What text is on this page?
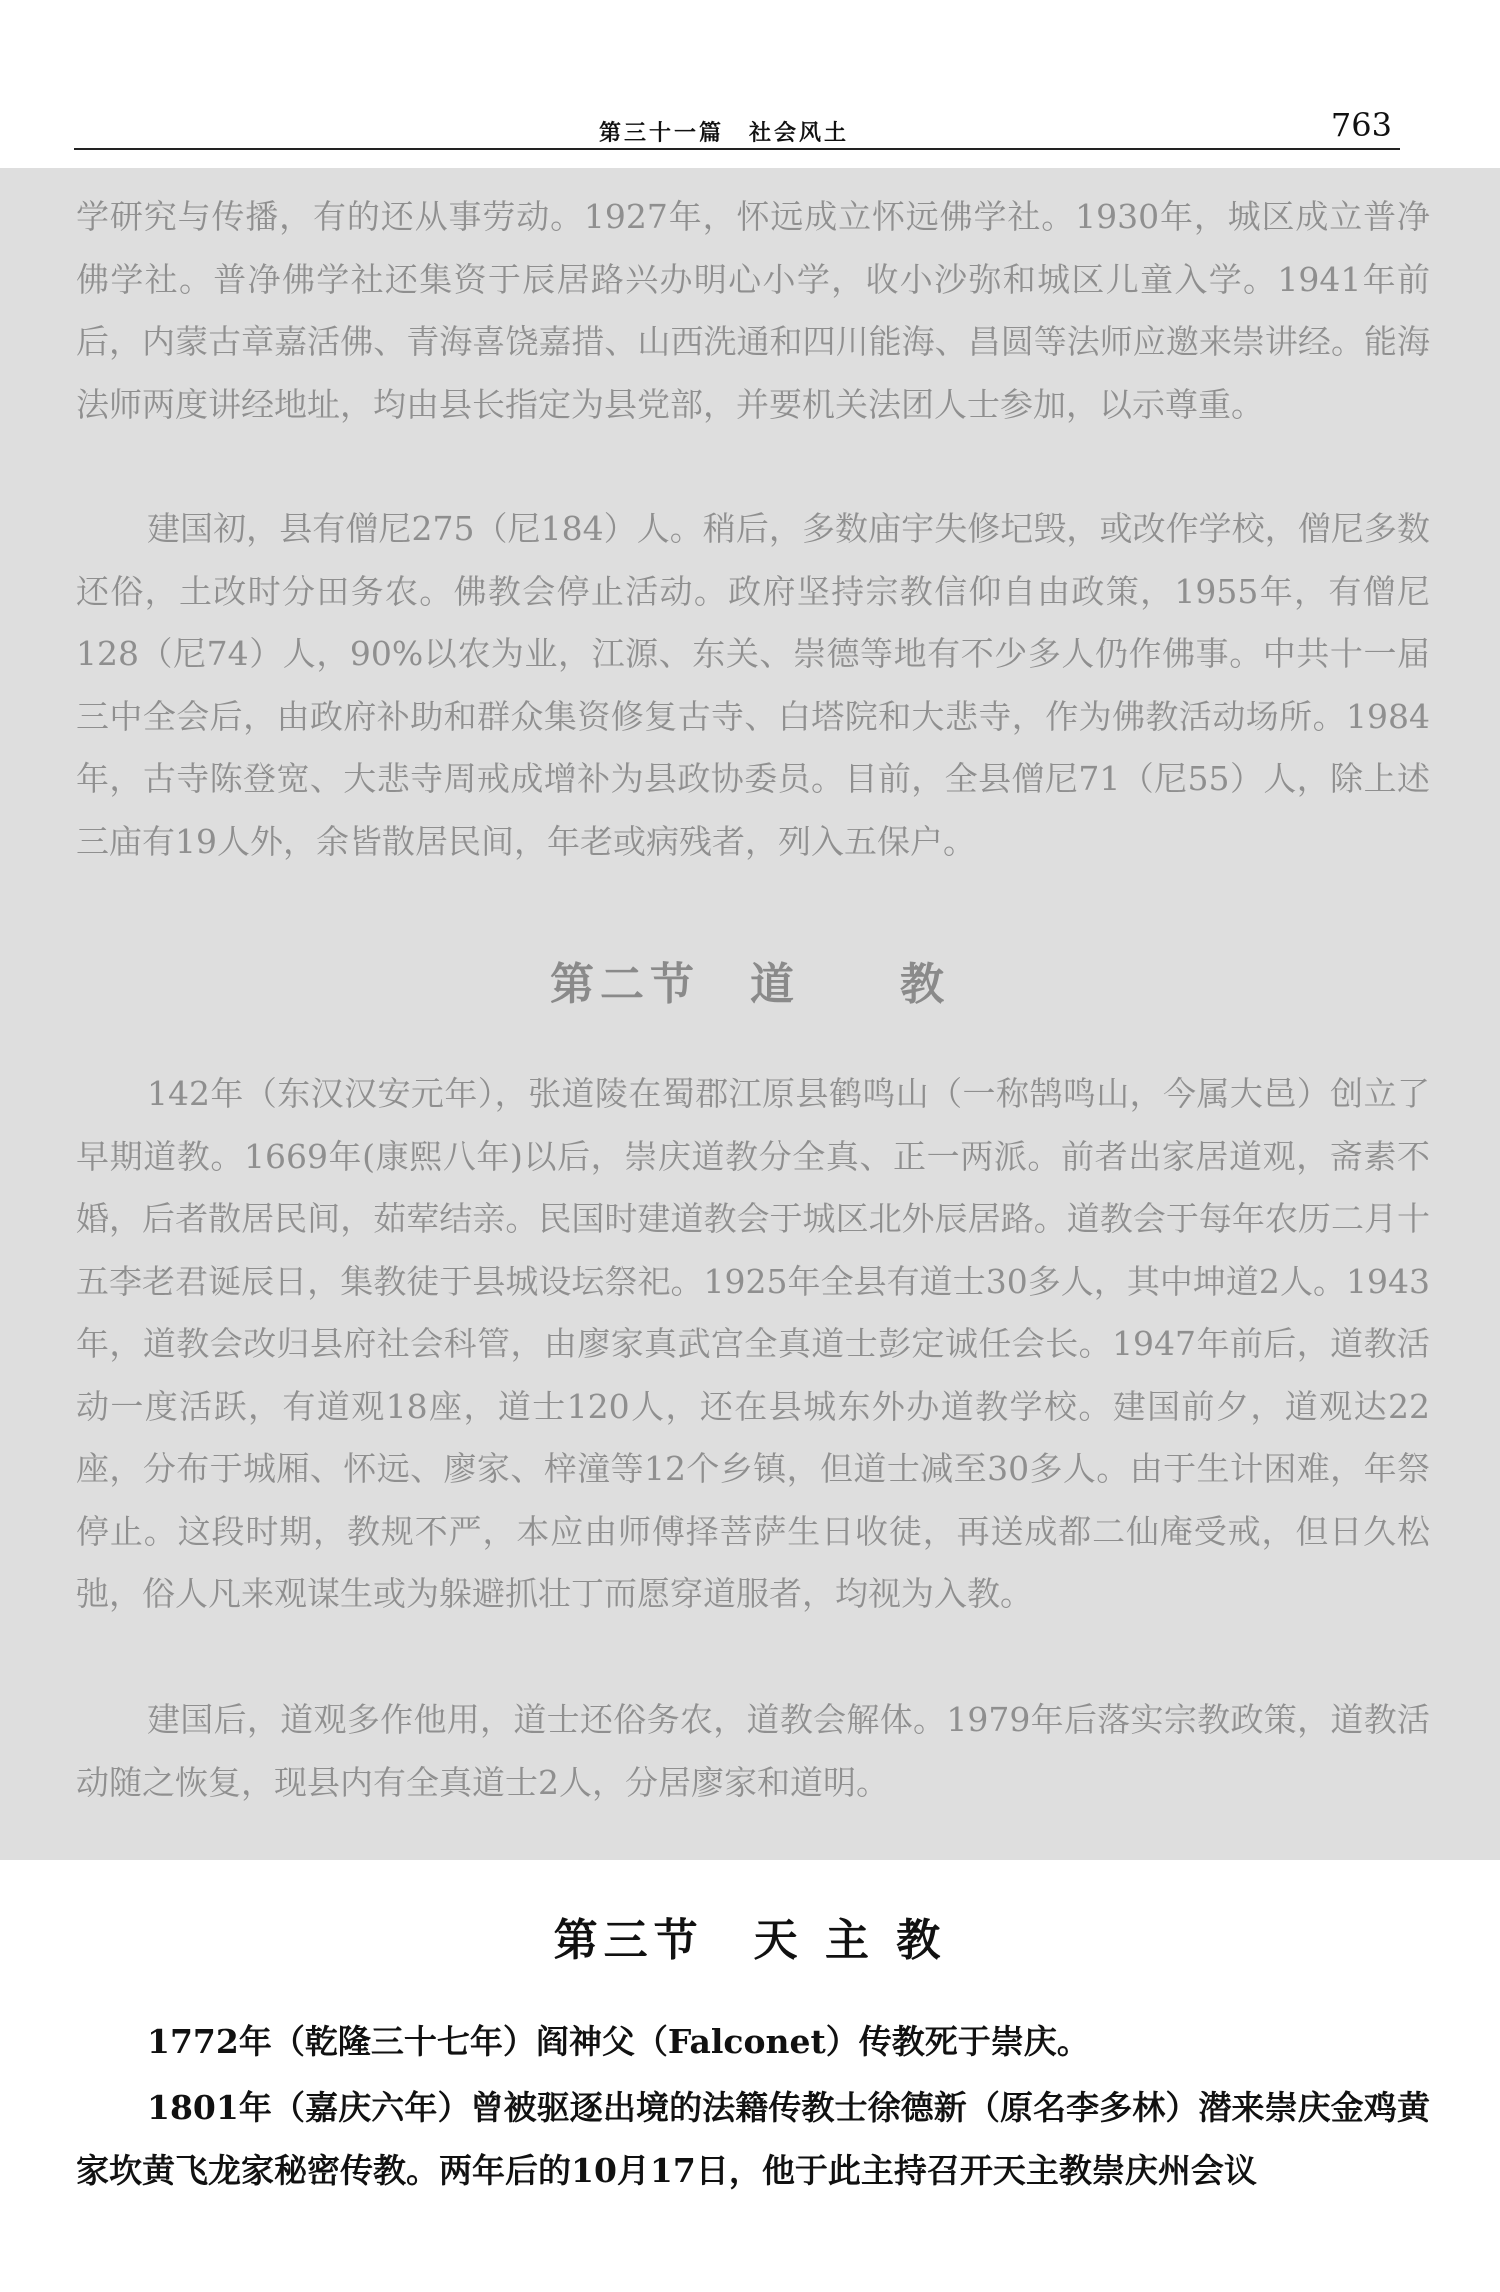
第三十一篇　社会风土	763

学研究与传播，有的还从事劳动。1927年，怀远成立怀远佛学社。1930年，城区成立普净佛学社。普净佛学社还集资于辰居路兴办明心小学，收小沙弥和城区儿童入学。1941年前后，内蒙古章嘉活佛、青海喜饶嘉措、山西洗通和四川能海、昌圆等法师应邀来崇讲经。能海法师两度讲经地址，均由县长指定为县党部，并要机关法团人士参加，以示尊重。

建国初，县有僧尼275（尼184）人。稍后，多数庙宇失修圮毁，或改作学校，僧尼多数还俗，土改时分田务农。佛教会停止活动。政府坚持宗教信仰自由政策，1955年，有僧尼128（尼74）人，90%以农为业，江源、东关、崇德等地有不少多人仍作佛事。中共十一届三中全会后，由政府补助和群众集资修复古寺、白塔院和大悲寺，作为佛教活动场所。1984年，古寺陈登宽、大悲寺周戒成增补为县政协委员。目前，全县僧尼71（尼55）人，除上述三庙有19人外，余皆散居民间，年老或病残者，列入五保户。

第二节　道　　教

142年（东汉汉安元年），张道陵在蜀郡江原县鹤鸣山（一称鹄鸣山，今属大邑）创立了早期道教。1669年(康熙八年)以后，崇庆道教分全真、正一两派。前者出家居道观，斋素不婚，后者散居民间，茹荤结亲。民国时建道教会于城区北外辰居路。道教会于每年农历二月十五李老君诞辰日，集教徒于县城设坛祭祀。1925年全县有道士30多人，其中坤道2人。1943年，道教会改归县府社会科管，由廖家真武宫全真道士彭定诚任会长。1947年前后，道教活动一度活跃，有道观18座，道士120人，还在县城东外办道教学校。建国前夕，道观达22座，分布于城厢、怀远、廖家、梓潼等12个乡镇，但道士减至30多人。由于生计困难，年祭停止。这段时期，教规不严，本应由师傅择菩萨生日收徒，再送成都二仙庵受戒，但日久松弛，俗人凡来观谋生或为躲避抓壮丁而愿穿道服者，均视为入教。

建国后，道观多作他用，道士还俗务农，道教会解体。1979年后落实宗教政策，道教活动随之恢复，现县内有全真道士2人，分居廖家和道明。

第三节　天 主 教

1772年（乾隆三十七年）阎神父（Falconet）传教死于崇庆。

1801年（嘉庆六年）曾被驱逐出境的法籍传教士徐德新（原名李多林）潜来崇庆金鸡黄家坎黄飞龙家秘密传教。两年后的10月17日，他于此主持召开天主教崇庆州会议
